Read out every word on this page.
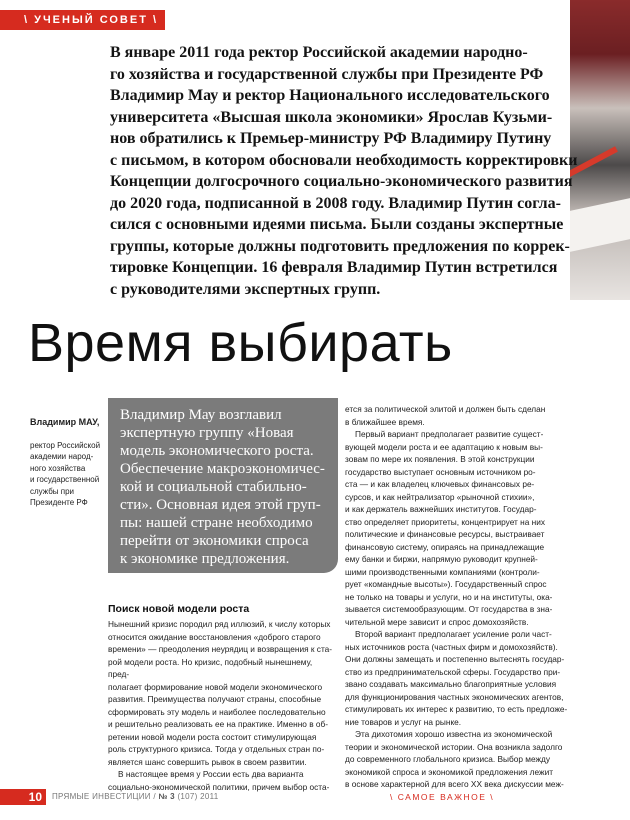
\ УЧЕНЫЙ СОВЕТ \

В январе 2011 года ректор Российской академии народно-
го хозяйства и государственной службы при Президенте РФ
Владимир Мау и ректор Национального исследовательского
университета «Высшая школа экономики» Ярослав Кузьми-
нов обратились к Премьер-министру РФ Владимиру Путину
с письмом, в котором обосновали необходимость корректировки
Концепции долгосрочного социально-экономического развития
до 2020 года, подписанной в 2008 году. Владимир Путин согла-
сился с основными идеями письма. Были созданы экспертные
группы, которые должны подготовить предложения по коррек-
тировке Концепции. 16 февраля Владимир Путин встретился
с руководителями экспертных групп.

Время выбирать

Владимир МАУ,

ректор Российской
академии народ-
ного хозяйства
и государственной
службы при
Президенте РФ

Владимир Мау возглавил
экспертную группу «Новая
модель экономического роста.
Обеспечение макроэкономичес-
кой и социальной стабильно-
сти». Основная идея этой груп-
пы: нашей стране необходимо
перейти от экономики спроса
к экономике предложения.

Поиск новой модели роста

Нынешний кризис породил ряд иллюзий, к числу которых
относится ожидание восстановления «доброго старого
времени» — преодоления неурядиц и возвращения к ста-
рой модели роста. Но кризис, подобный нынешнему, пред-
полагает формирование новой модели экономического
развития. Преимущества получают страны, способные
сформировать эту модель и наиболее последовательно
и решительно реализовать ее на практике. Именно в об-
ретении новой модели роста состоит стимулирующая
роль структурного кризиса. Тогда у отдельных стран по-
является шанс совершить рывок в своем развитии.

В настоящее время у России есть два варианта
социально-экономической политики, причем выбор оста-

ется за политической элитой и должен быть сделан
в ближайшее время.

Первый вариант предполагает развитие сущест-
вующей модели роста и ее адаптацию к новым вы-
зовам по мере их появления. В этой конструкции
государство выступает основным источником ро-
ста — и как владелец ключевых финансовых ре-
сурсов, и как нейтрализатор «рыночной стихии»,
и как держатель важнейших институтов. Государ-
ство определяет приоритеты, концентрирует на них
политические и финансовые ресурсы, выстраивает
финансовую систему, опираясь на принадлежащие
ему банки и биржи, напрямую руководит крупней-
шими производственными компаниями (контроли-
рует «командные высоты»). Государственный спрос
не только на товары и услуги, но и на институты, ока-
зывается системообразующим. От государства в зна-
чительной мере зависит и спрос домохозяйств.

Второй вариант предполагает усиление роли част-
ных источников роста (частных фирм и домохозяйств).
Они должны замещать и постепенно вытеснять государ-
ство из предпринимательской сферы. Государство при-
звано создавать максимально благоприятные условия
для функционирования частных экономических агентов,
стимулировать их интерес к развитию, то есть предложе-
ние товаров и услуг на рынке.

Эта дихотомия хорошо известна из экономической
теории и экономической истории. Она возникла задолго
до современного глобального кризиса. Выбор между
экономикой спроса и экономикой предложения лежит
в основе характерной для всего ХХ века дискуссии меж-

10	ПРЯМЫЕ ИНВЕСТИЦИИ / № 3 (107) 2011	\ САМОЕ ВАЖНОЕ \
